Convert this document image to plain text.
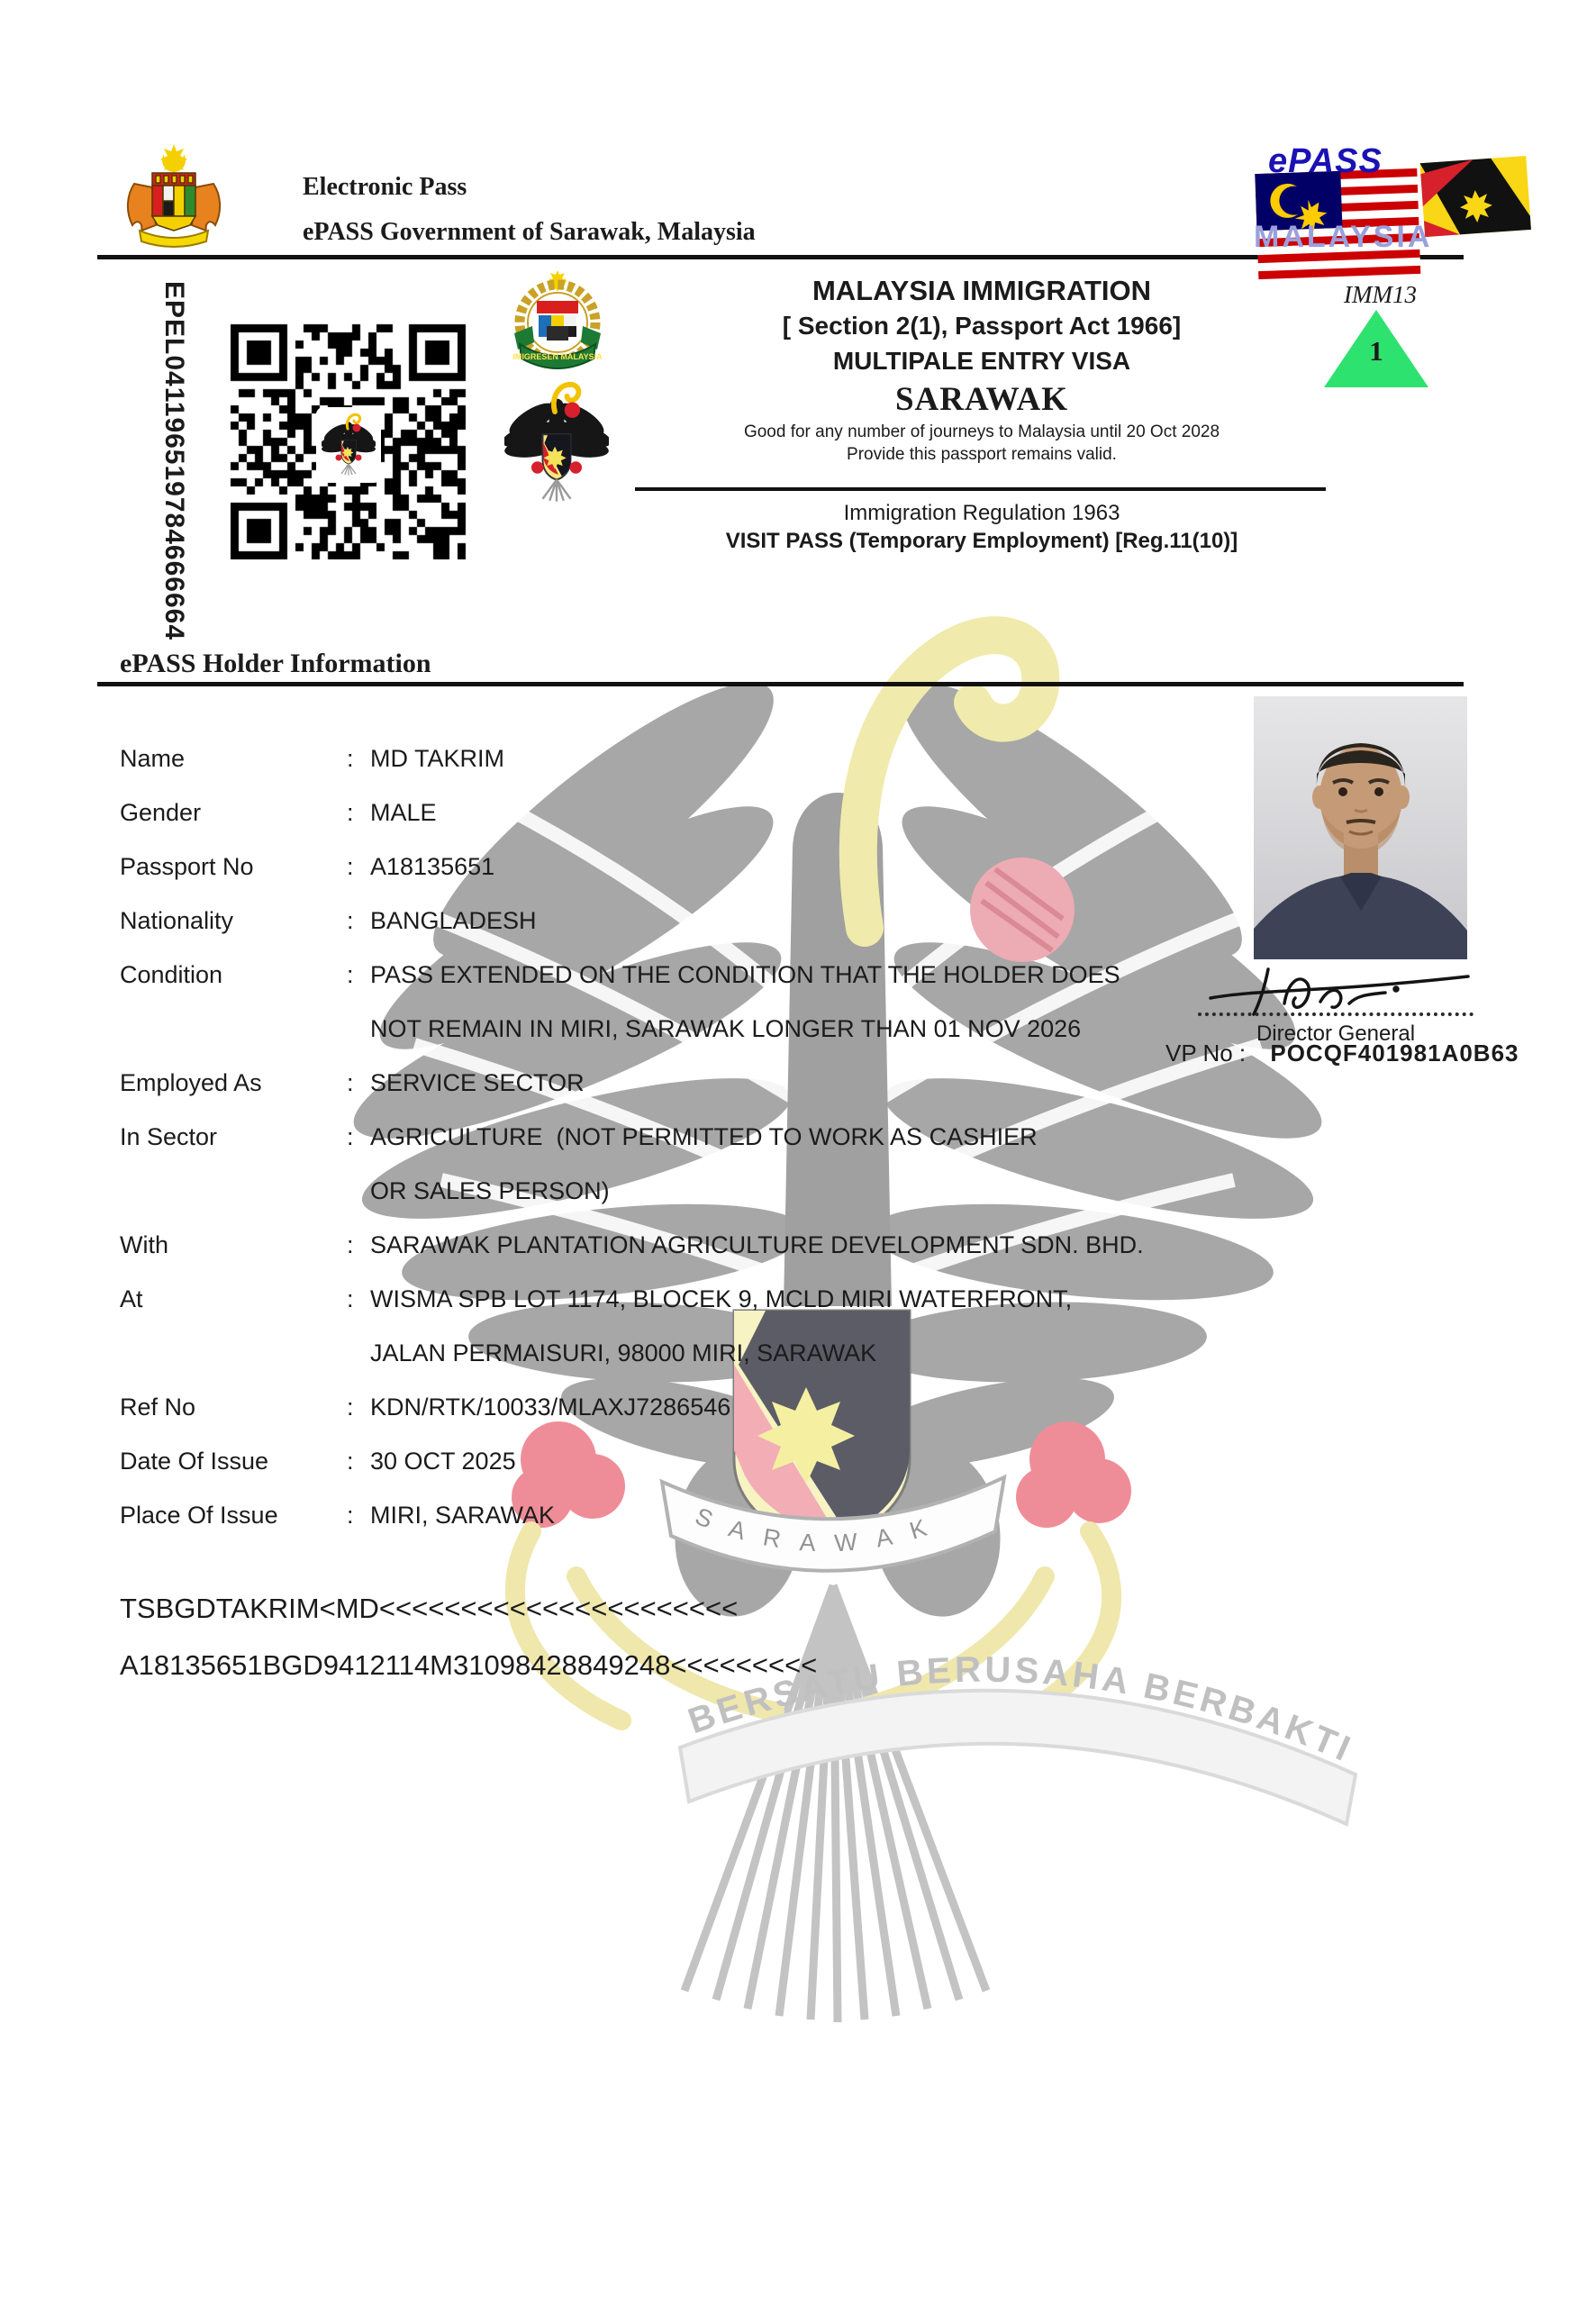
S A R A W A K
BERSATU BERUSAHA BERBAKTI
Electronic Pass
ePASS Government of Sarawak, Malaysia
ePASS
MALAYSIA
EPEL041196519784666664	IMIGRESEN MALAYSIA
MALAYSIA IMMIGRATION
[ Section 2(1), Passport Act 1966]
MULTIPALE ENTRY VISA
SARAWAK
Good for any number of journeys to Malaysia until 20 Oct 2028
Provide this passport remains valid.
Immigration Regulation 1963
VISIT PASS (Temporary Employment) [Reg.11(10)]
IMM13
1
ePASS Holder Information
Name	: MD TAKRIM
Gender	: MALE
Passport No	: A18135651
Nationality	: BANGLADESH
Condition	: PASS EXTENDED ON THE CONDITION THAT THE HOLDER DOES
NOT REMAIN IN MIRI, SARAWAK LONGER THAN 01 NOV 2026
Employed As	: SERVICE SECTOR
In Sector	: AGRICULTURE  (NOT PERMITTED TO WORK AS CASHIER
OR SALES PERSON)
With	: SARAWAK PLANTATION AGRICULTURE DEVELOPMENT SDN. BHD.
At	: WISMA SPB LOT 1174, BLOCEK 9, MCLD MIRI WATERFRONT,
JALAN PERMAISURI, 98000 MIRI, SARAWAK
Ref No	: KDN/RTK/10033/MLAXJ7286546
Date Of Issue	: 30 OCT 2025
Place Of Issue	: MIRI, SARAWAK
Director General
VP No : POCQF401981A0B63
TSBGDTAKRIM<MD<<<<<<<<<<<<<<<<<<<<<<
A18135651BGD9412114M31098428849248<<<<<<<<<
